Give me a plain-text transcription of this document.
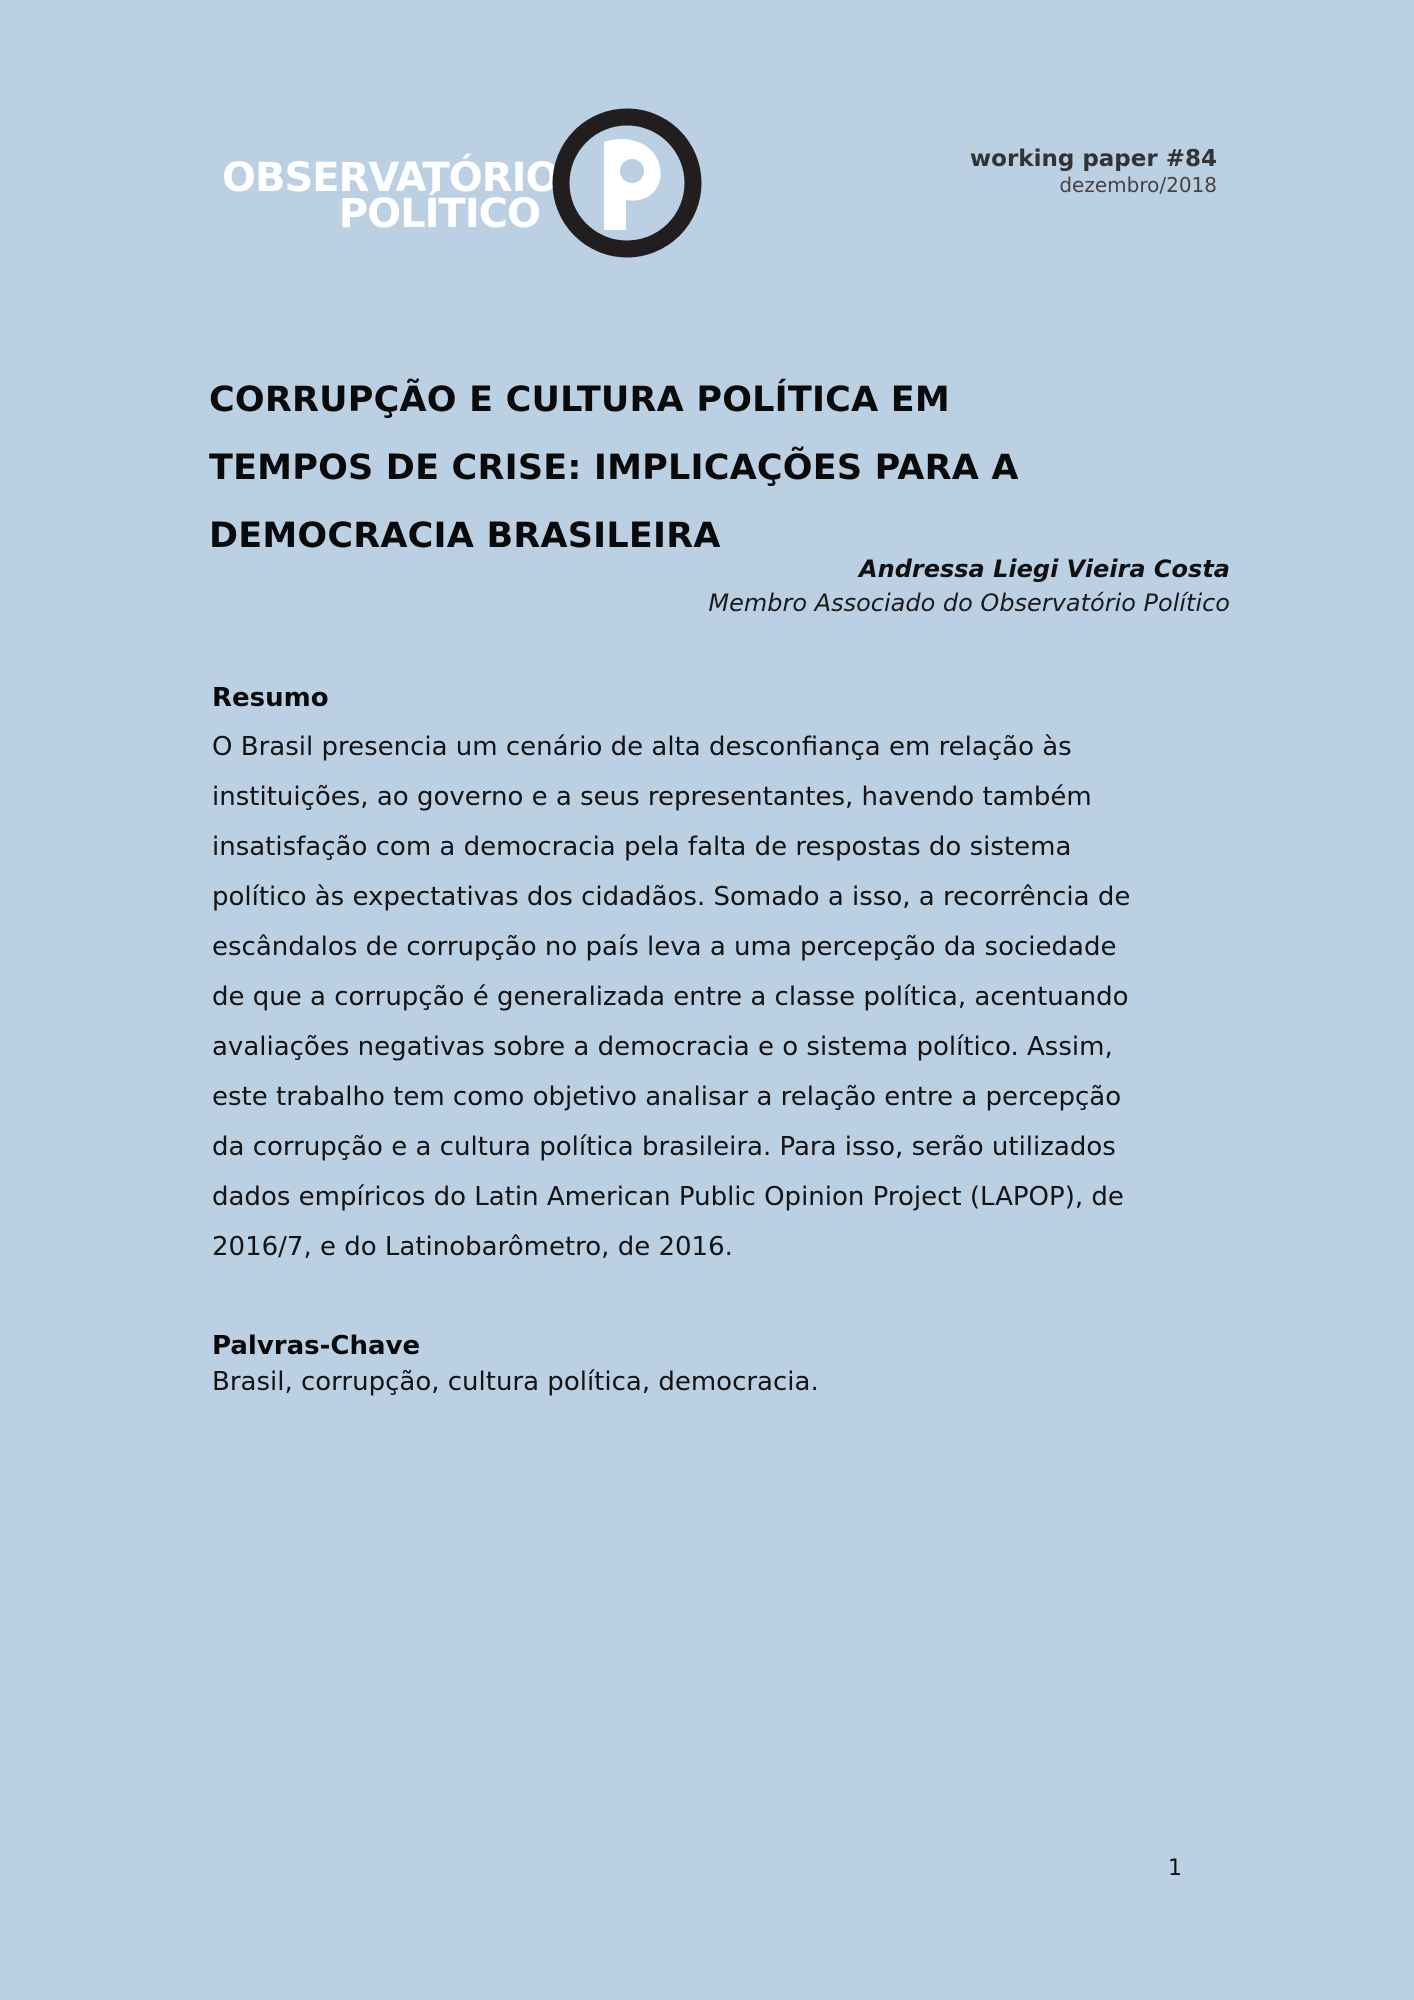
OBSERVATÓRIO
POLÍTICO
working paper #84
dezembro/2018
CORRUPÇÃO E CULTURA POLÍTICA EM TEMPOS DE CRISE: IMPLICAÇÕES PARA A DEMOCRACIA BRASILEIRA
Andressa Liegi Vieira Costa
Membro Associado do Observatório Político
Resumo

O Brasil presencia um cenário de alta desconfiança em relação às instituições, ao governo e a seus representantes, havendo também insatisfação com a democracia pela falta de respostas do sistema político às expectativas dos cidadãos. Somado a isso, a recorrência de escândalos de corrupção no país leva a uma percepção da sociedade de que a corrupção é generalizada entre a classe política, acentuando avaliações negativas sobre a democracia e o sistema político. Assim, este trabalho tem como objetivo analisar a relação entre a percepção da corrupção e a cultura política brasileira. Para isso, serão utilizados dados empíricos do Latin American Public Opinion Project (LAPOP), de 2016/7, e do Latinobarômetro, de 2016.

Palvras-Chave

Brasil, corrupção, cultura política, democracia.

1
